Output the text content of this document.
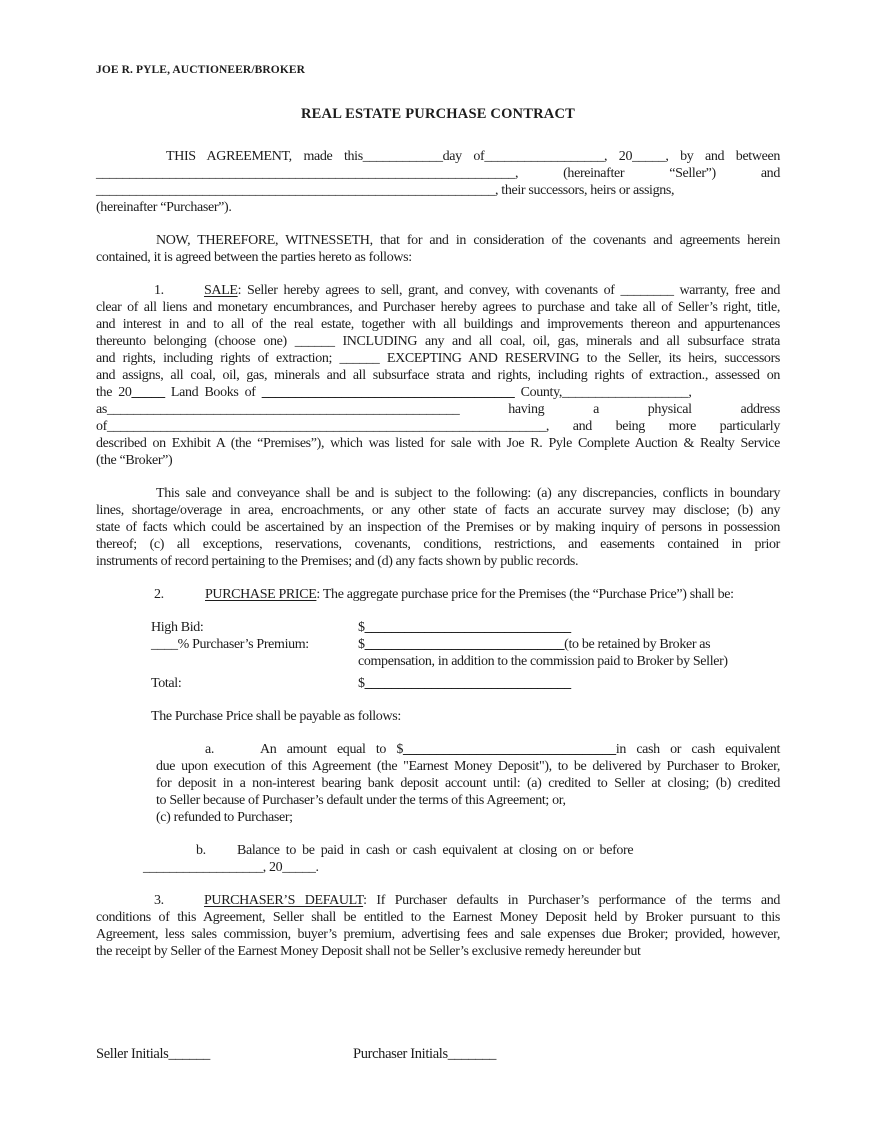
JOE R. PYLE, AUCTIONEER/BROKER
REAL ESTATE PURCHASE CONTRACT
THIS AGREEMENT, made this____________day of__________________, 20_____, by and between
_______________________________________________________________, (hereinafter “Seller”) and
____________________________________________________________, their successors, heirs or assigns,
(hereinafter “Purchaser”).
NOW, THEREFORE, WITNESSETH, that for and in consideration of the covenants and agreements herein
contained, it is agreed between the parties hereto as follows:
1.	SALE: Seller hereby agrees to sell, grant, and convey, with covenants of ________ warranty, free and
clear of all liens and monetary encumbrances, and Purchaser hereby agrees to purchase and take all of Seller’s right, title,
and interest in and to all of the real estate, together with all buildings and improvements thereon and appurtenances
thereunto belonging (choose one) ______ INCLUDING any and all coal, oil, gas, minerals and all subsurface strata
and rights, including rights of extraction; ______ EXCEPTING AND RESERVING to the Seller, its heirs, successors
and assigns, all coal, oil, gas, minerals and all subsurface strata and rights, including rights of extraction., assessed on
the 20_____ Land Books of ______________________________________ County,___________________,
as_____________________________________________________ having a physical address
of__________________________________________________________________, and being more particularly
described on Exhibit A (the “Premises”), which was listed for sale with Joe R. Pyle Complete Auction & Realty Service
(the “Broker”)
This sale and conveyance shall be and is subject to the following: (a) any discrepancies, conflicts in boundary
lines, shortage/overage in area, encroachments, or any other state of facts an accurate survey may disclose; (b) any
state of facts which could be ascertained by an inspection of the Premises or by making inquiry of persons in possession
thereof; (c) all exceptions, reservations, covenants, conditions, restrictions, and easements contained in prior
instruments of record pertaining to the Premises; and (d) any facts shown by public records.
2.	PURCHASE PRICE: The aggregate purchase price for the Premises (the “Purchase Price”) shall be:
High Bid:	$_______________________________
____% Purchaser’s Premium:	$______________________________(to be retained by Broker as
compensation, in addition to the commission paid to Broker by Seller)
Total:	$_______________________________
The Purchase Price shall be payable as follows:
a.	An amount equal to $________________________________in cash or cash equivalent
due upon execution of this Agreement (the "Earnest Money Deposit"), to be delivered by Purchaser to Broker,
for deposit in a non-interest bearing bank deposit account until: (a) credited to Seller at closing; (b) credited
to Seller because of Purchaser’s default under the terms of this Agreement; or,
(c) refunded to Purchaser;
b. Balance to be paid in cash or cash equivalent at closing on or before
__________________, 20_____.
3.	PURCHASER’S DEFAULT: If Purchaser defaults in Purchaser’s performance of the terms and
conditions of this Agreement, Seller shall be entitled to the Earnest Money Deposit held by Broker pursuant to this
Agreement, less sales commission, buyer’s premium, advertising fees and sale expenses due Broker; provided, however,
the receipt by Seller of the Earnest Money Deposit shall not be Seller’s exclusive remedy hereunder but
Seller Initials______	Purchaser Initials_______
